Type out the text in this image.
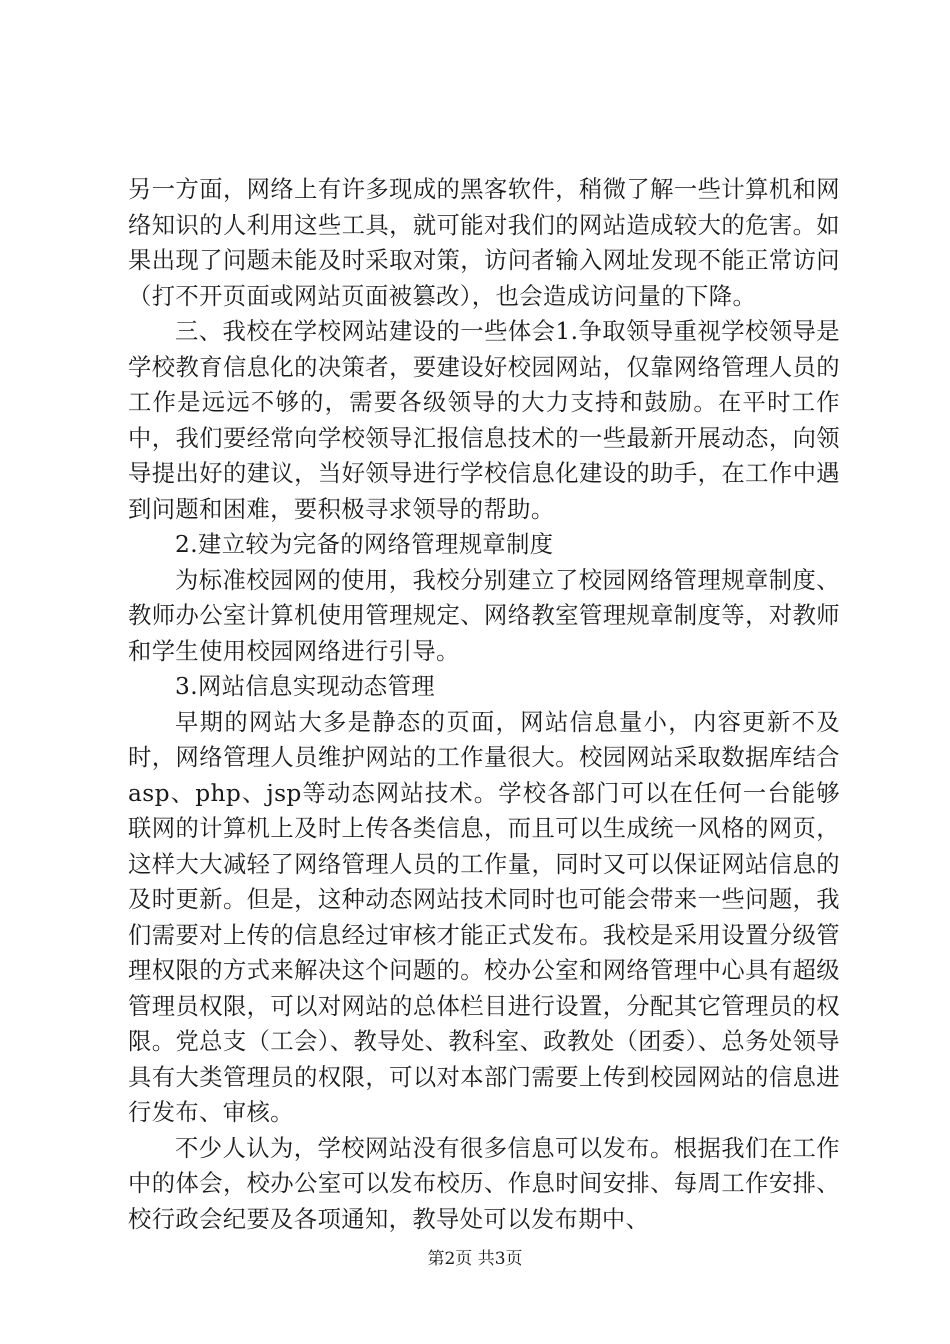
另一方面，网络上有许多现成的黑客软件，稍微了解一些计算机和网络知识的人利用这些工具，就可能对我们的网站造成较大的危害。如果出现了问题未能及时采取对策，访问者输入网址发现不能正常访问（打不开页面或网站页面被篡改），也会造成访问量的下降。

三、我校在学校网站建设的一些体会1.争取领导重视学校领导是学校教育信息化的决策者，要建设好校园网站，仅靠网络管理人员的工作是远远不够的，需要各级领导的大力支持和鼓励。在平时工作中，我们要经常向学校领导汇报信息技术的一些最新开展动态，向领导提出好的建议，当好领导进行学校信息化建设的助手，在工作中遇到问题和困难，要积极寻求领导的帮助。

2.建立较为完备的网络管理规章制度

为标准校园网的使用，我校分别建立了校园网络管理规章制度、教师办公室计算机使用管理规定、网络教室管理规章制度等，对教师和学生使用校园网络进行引导。

3.网站信息实现动态管理

早期的网站大多是静态的页面，网站信息量小，内容更新不及时，网络管理人员维护网站的工作量很大。校园网站采取数据库结合asp、php、jsp等动态网站技术。学校各部门可以在任何一台能够联网的计算机上及时上传各类信息，而且可以生成统一风格的网页，这样大大减轻了网络管理人员的工作量，同时又可以保证网站信息的及时更新。但是，这种动态网站技术同时也可能会带来一些问题，我们需要对上传的信息经过审核才能正式发布。我校是采用设置分级管理权限的方式来解决这个问题的。校办公室和网络管理中心具有超级管理员权限，可以对网站的总体栏目进行设置，分配其它管理员的权限。党总支（工会）、教导处、教科室、政教处（团委）、总务处领导具有大类管理员的权限，可以对本部门需要上传到校园网站的信息进行发布、审核。

不少人认为，学校网站没有很多信息可以发布。根据我们在工作中的体会，校办公室可以发布校历、作息时间安排、每周工作安排、校行政会纪要及各项通知，教导处可以发布期中、

第2页 共3页
